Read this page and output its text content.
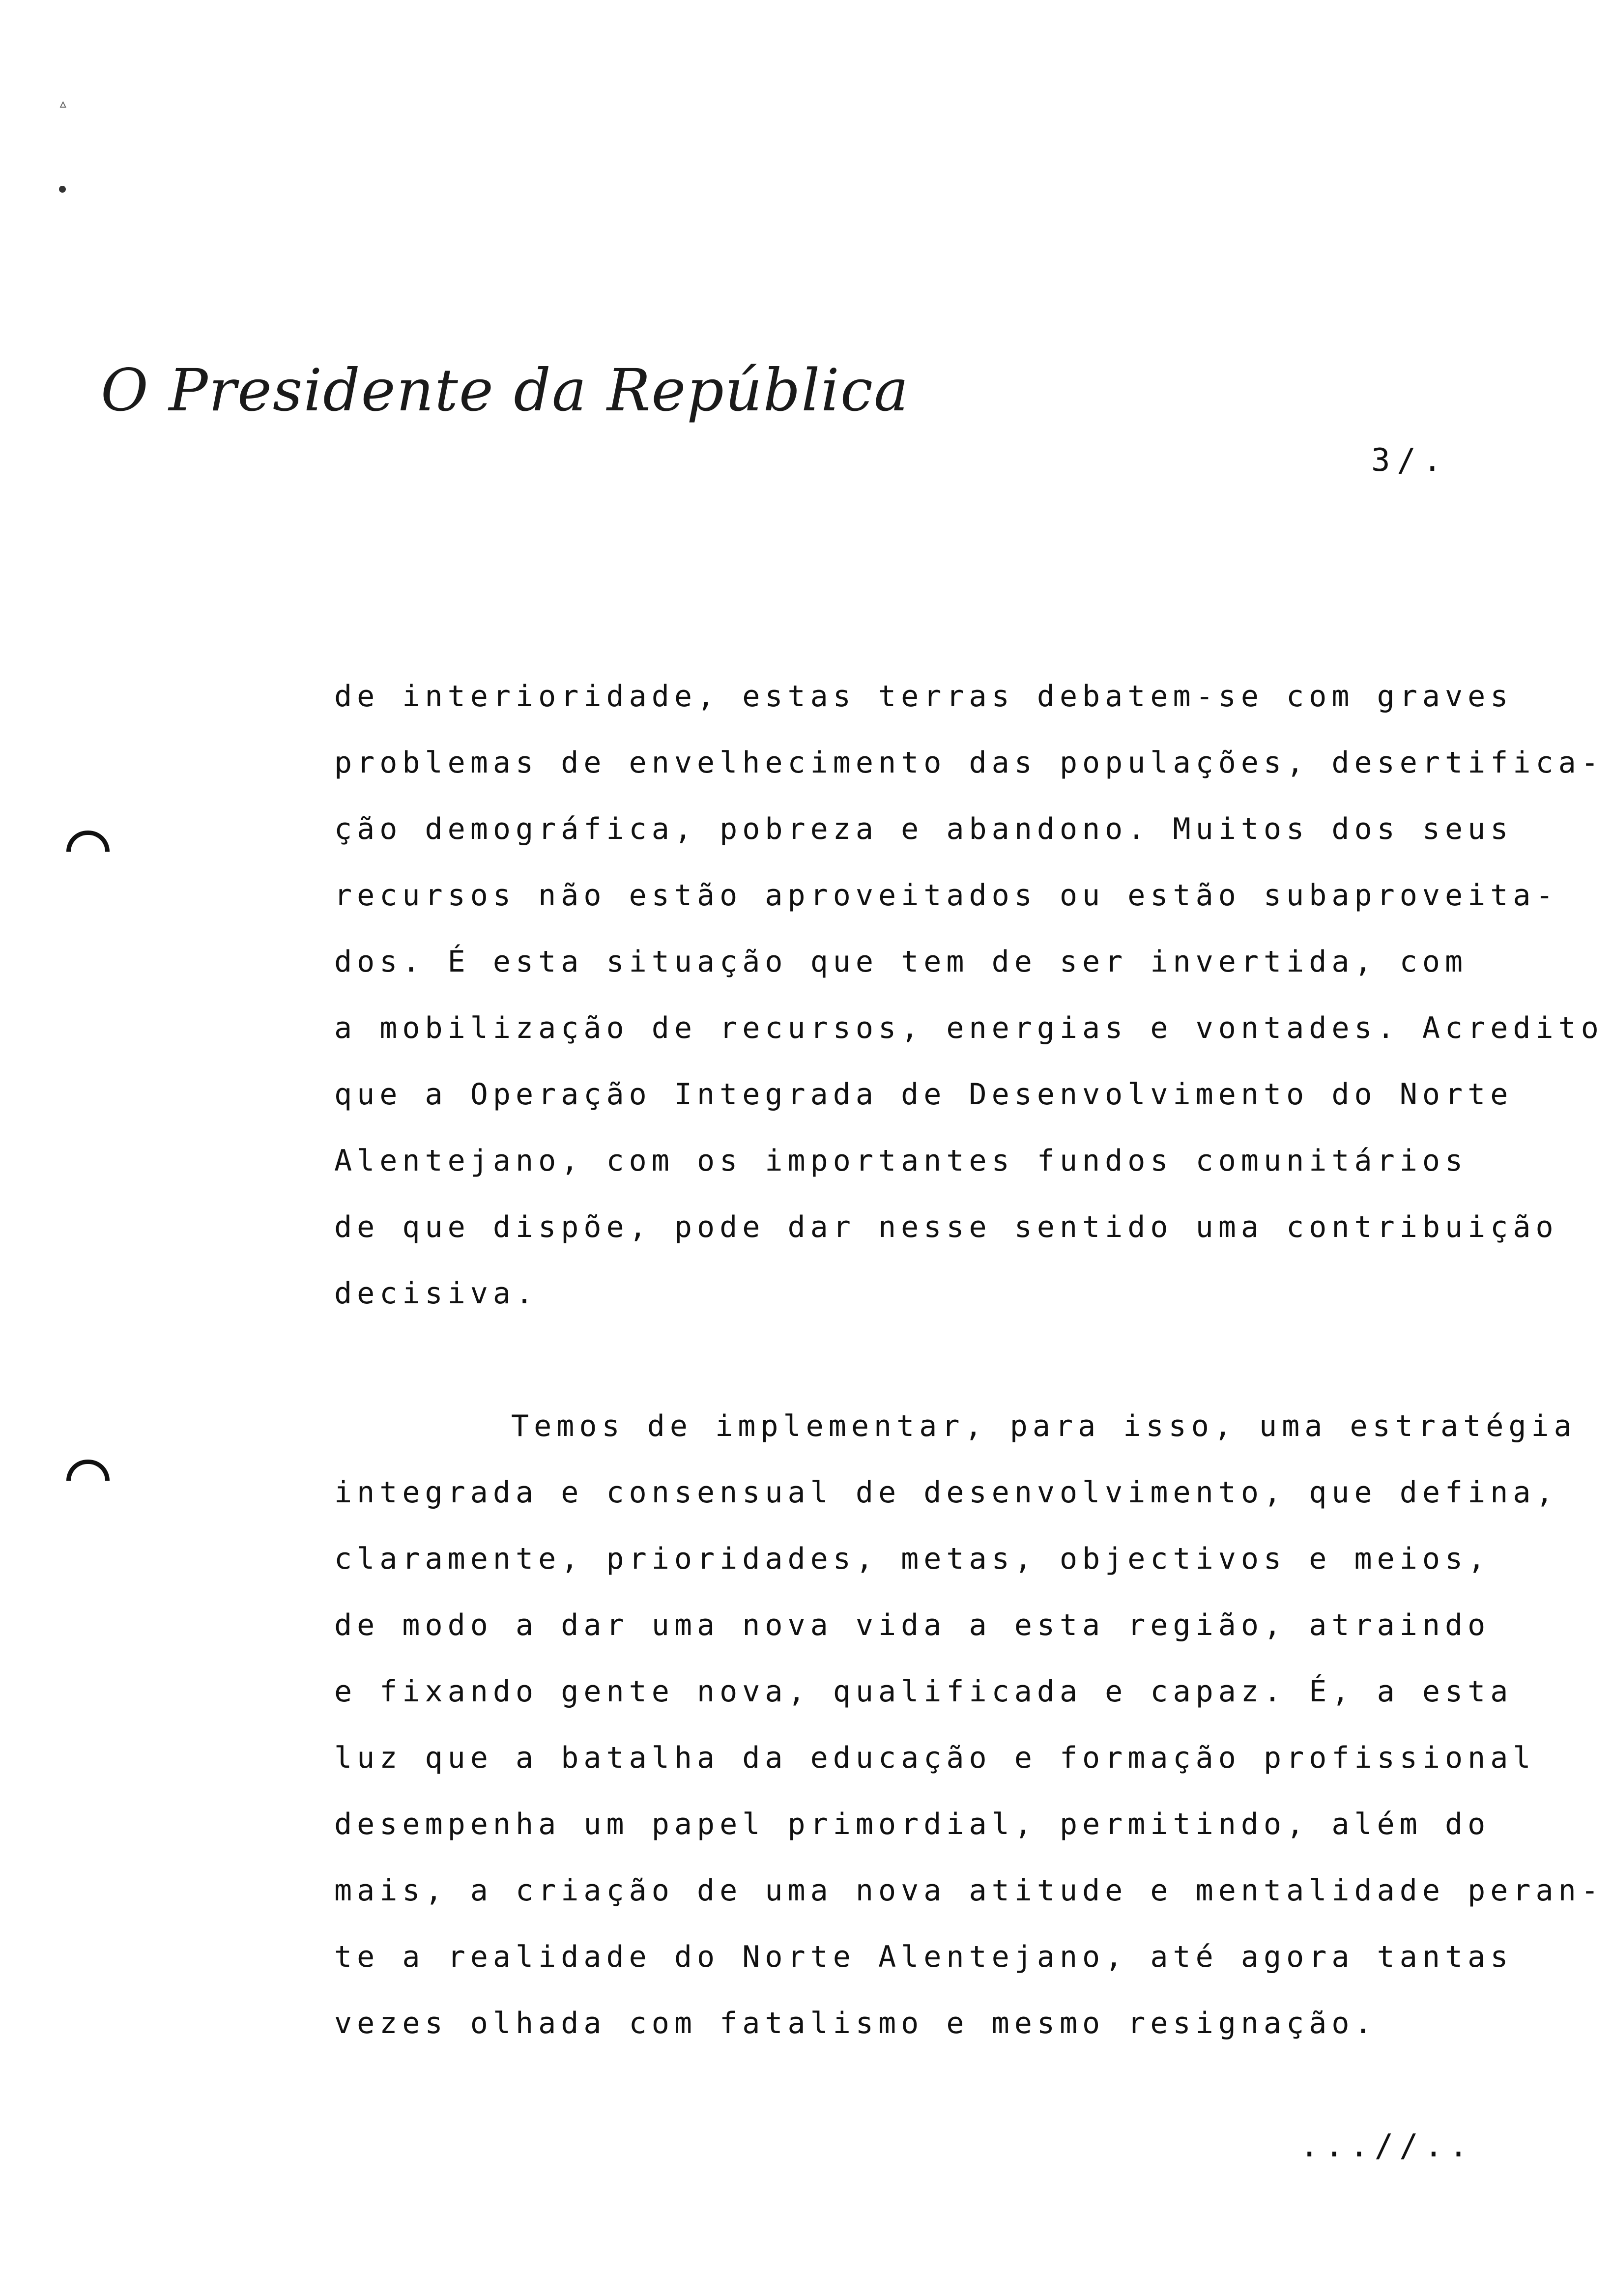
▵
O Presidente da República
3/.
de interioridade, estas terras debatem-se com graves
problemas de envelhecimento das populações, desertifica-
ção demográfica, pobreza e abandono. Muitos dos seus
recursos não estão aproveitados ou estão subaproveita-
dos. É esta situação que tem de ser invertida, com
a mobilização de recursos, energias e vontades. Acredito
que a Operação Integrada de Desenvolvimento do Norte
Alentejano, com os importantes fundos comunitários
de que dispõe, pode dar nesse sentido uma contribuição
decisiva.
Temos de implementar, para isso, uma estratégia
integrada e consensual de desenvolvimento, que defina,
claramente, prioridades, metas, objectivos e meios,
de modo a dar uma nova vida a esta região, atraindo
e fixando gente nova, qualificada e capaz. É, a esta
luz que a batalha da educação e formação profissional
desempenha um papel primordial, permitindo, além do
mais, a criação de uma nova atitude e mentalidade peran-
te a realidade do Norte Alentejano, até agora tantas
vezes olhada com fatalismo e mesmo resignação.
...//..
